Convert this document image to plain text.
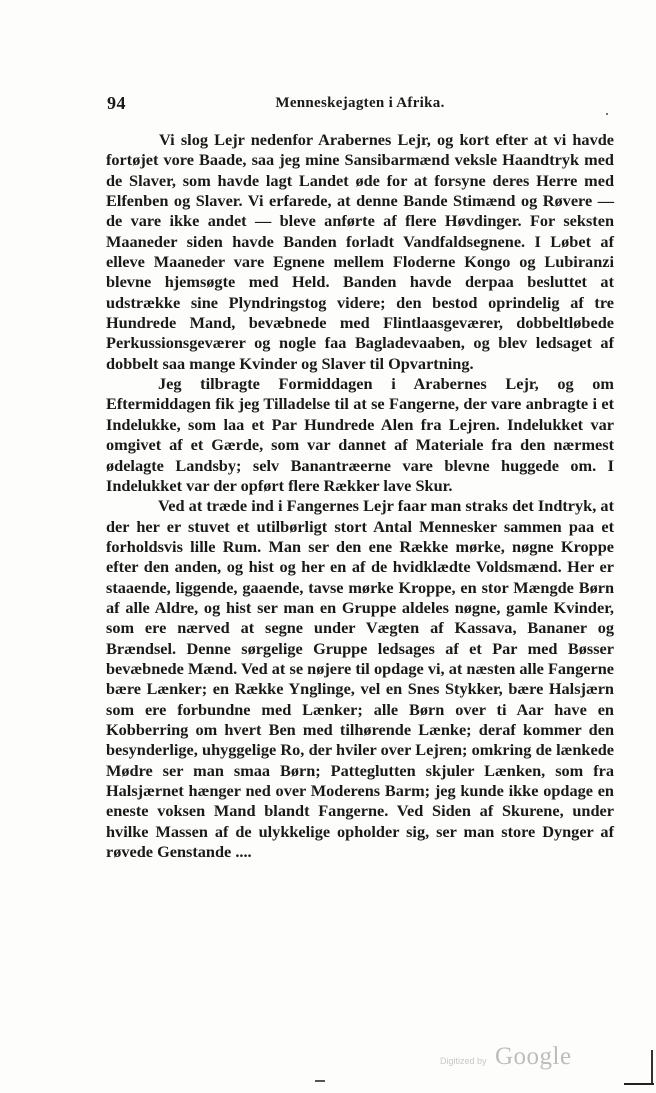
94	Menneskejagten i Afrika.

Vi slog Lejr nedenfor Arabernes Lejr, og kort efter at vi havde fortøjet vore Baade, saa jeg mine Sansibarmænd veksle Haandtryk med de Slaver, som havde lagt Landet øde for at forsyne deres Herre med Elfenben og Slaver. Vi erfarede, at denne Bande Stimænd og Røvere — de vare ikke andet — bleve anførte af flere Høvdinger. For seksten Maaneder siden havde Banden forladt Vandfaldsegnene. I Løbet af elleve Maaneder vare Egnene mellem Floderne Kongo og Lubiranzi blevne hjemsøgte med Held. Banden havde derpaa besluttet at udstrække sine Plyndringstog videre; den bestod oprindelig af tre Hundrede Mand, bevæbnede med Flintlaasgeværer, dobbeltløbede Perkussionsgeværer og nogle faa Bagladevaaben, og blev ledsaget af dobbelt saa mange Kvinder og Slaver til Opvartning.

Jeg tilbragte Formiddagen i Arabernes Lejr, og om Eftermiddagen fik jeg Tilladelse til at se Fangerne, der vare anbragte i et Indelukke, som laa et Par Hundrede Alen fra Lejren. Indelukket var omgivet af et Gærde, som var dannet af Materiale fra den nærmest ødelagte Landsby; selv Banantræerne vare blevne huggede om. I Indelukket var der opført flere Rækker lave Skur.

Ved at træde ind i Fangernes Lejr faar man straks det Indtryk, at der her er stuvet et utilbørligt stort Antal Mennesker sammen paa et forholdsvis lille Rum. Man ser den ene Række mørke, nøgne Kroppe efter den anden, og hist og her en af de hvidklædte Voldsmænd. Her er staaende, liggende, gaaende, tavse mørke Kroppe, en stor Mængde Børn af alle Aldre, og hist ser man en Gruppe aldeles nøgne, gamle Kvinder, som ere nærved at segne under Vægten af Kassava, Bananer og Brændsel. Denne sørgelige Gruppe ledsages af et Par med Bøsser bevæbnede Mænd. Ved at se nøjere til opdage vi, at næsten alle Fangerne bære Lænker; en Række Ynglinge, vel en Snes Stykker, bære Halsjærn som ere forbundne med Lænker; alle Børn over ti Aar have en Kobberring om hvert Ben med tilhørende Lænke; deraf kommer den besynderlige, uhyggelige Ro, der hviler over Lejren; omkring de lænkede Mødre ser man smaa Børn; Patteglutten skjuler Lænken, som fra Halsjærnet hænger ned over Moderens Barm; jeg kunde ikke opdage en eneste voksen Mand blandt Fangerne. Ved Siden af Skurene, under hvilke Massen af de ulykkelige opholder sig, ser man store Dynger af røvede Genstande ....

Digitized by Google
